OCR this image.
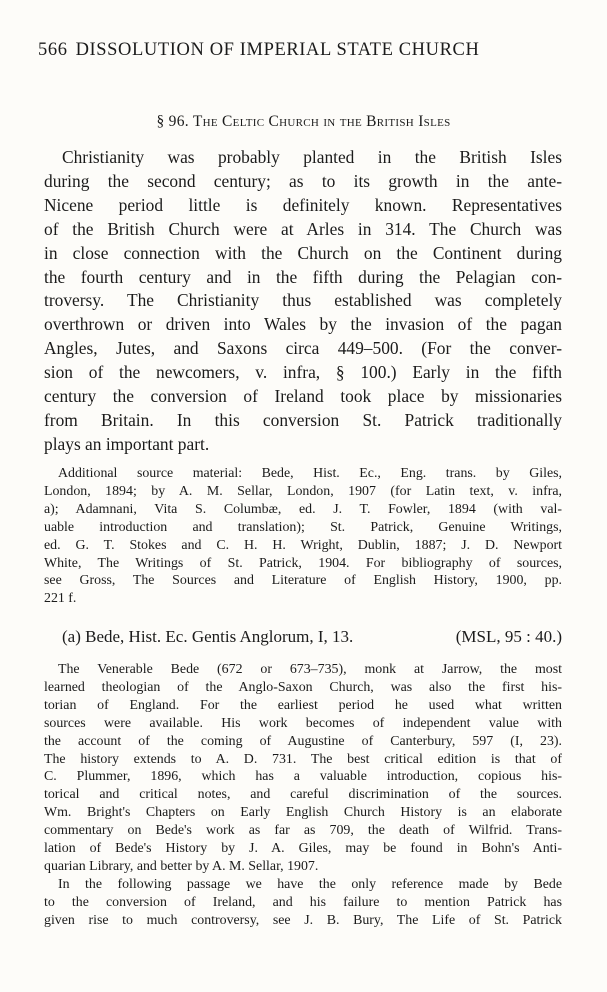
566 DISSOLUTION OF IMPERIAL STATE CHURCH
§ 96. The Celtic Church in the British Isles
Christianity was probably planted in the British Isles
during the second century; as to its growth in the ante-
Nicene period little is definitely known. Representatives
of the British Church were at Arles in 314. The Church was
in close connection with the Church on the Continent during
the fourth century and in the fifth during the Pelagian con-
troversy. The Christianity thus established was completely
overthrown or driven into Wales by the invasion of the pagan
Angles, Jutes, and Saxons circa 449–500. (For the conver-
sion of the newcomers, v. infra, § 100.) Early in the fifth
century the conversion of Ireland took place by missionaries
from Britain. In this conversion St. Patrick traditionally
plays an important part.
Additional source material: Bede, Hist. Ec., Eng. trans. by Giles,
London, 1894; by A. M. Sellar, London, 1907 (for Latin text, v. infra,
a); Adamnani, Vita S. Columbæ, ed. J. T. Fowler, 1894 (with val-
uable introduction and translation); St. Patrick, Genuine Writings,
ed. G. T. Stokes and C. H. H. Wright, Dublin, 1887; J. D. Newport
White, The Writings of St. Patrick, 1904. For bibliography of sources,
see Gross, The Sources and Literature of English History, 1900, pp.
221 f.
(a) Bede, Hist. Ec. Gentis Anglorum, I, 13.	(MSL, 95 : 40.)
The Venerable Bede (672 or 673–735), monk at Jarrow, the most
learned theologian of the Anglo-Saxon Church, was also the first his-
torian of England. For the earliest period he used what written
sources were available. His work becomes of independent value with
the account of the coming of Augustine of Canterbury, 597 (I, 23).
The history extends to A. D. 731. The best critical edition is that of
C. Plummer, 1896, which has a valuable introduction, copious his-
torical and critical notes, and careful discrimination of the sources.
Wm. Bright's Chapters on Early English Church History is an elaborate
commentary on Bede's work as far as 709, the death of Wilfrid. Trans-
lation of Bede's History by J. A. Giles, may be found in Bohn's Anti-
quarian Library, and better by A. M. Sellar, 1907.
In the following passage we have the only reference made by Bede
to the conversion of Ireland, and his failure to mention Patrick has
given rise to much controversy, see J. B. Bury, The Life of St. Patrick
